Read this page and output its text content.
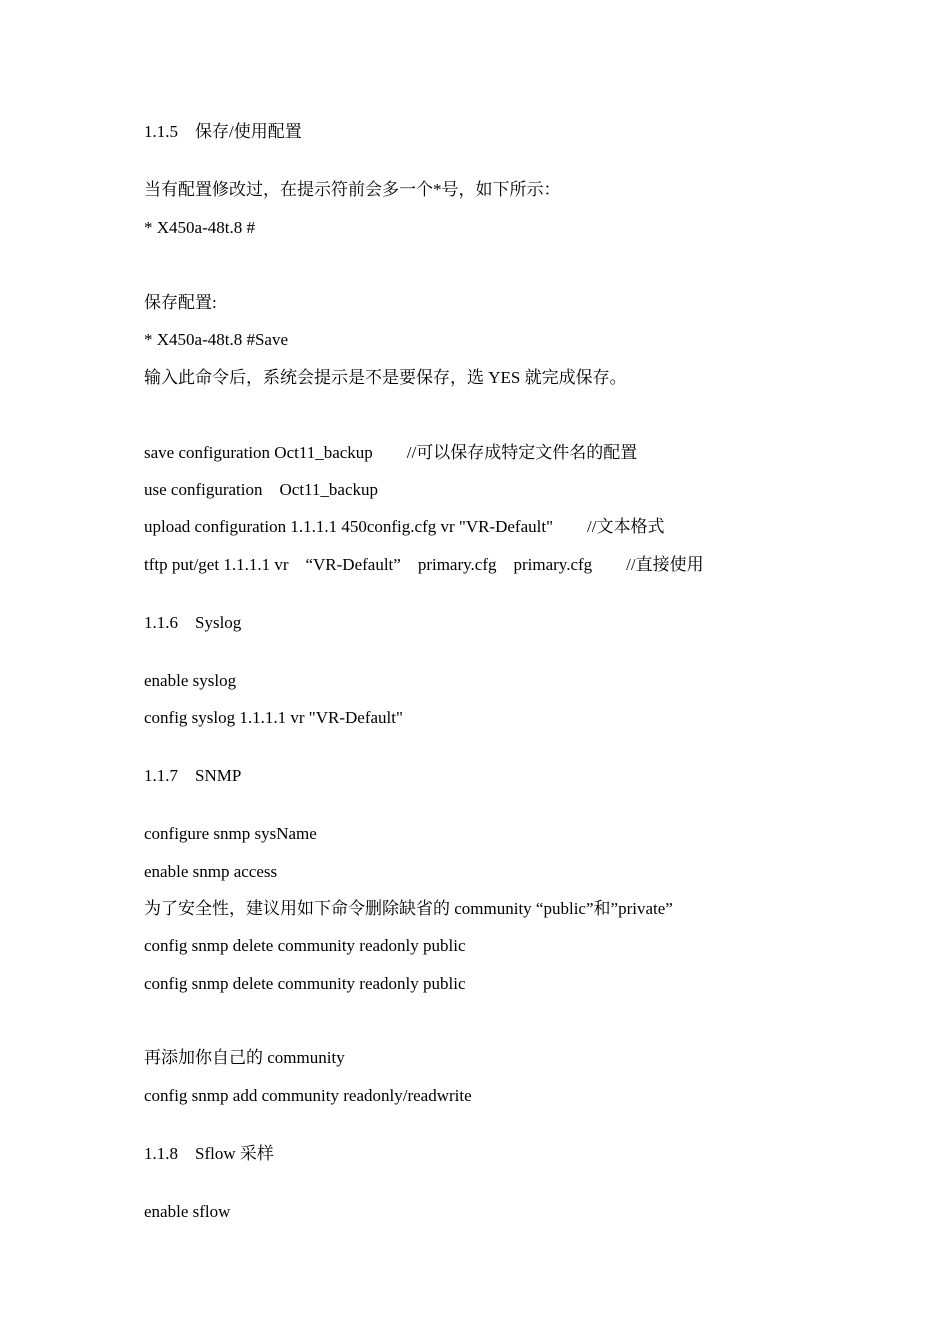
1.1.5　保存/使用配置
当有配置修改过，在提示符前会多一个*号，如下所示：
* X450a-48t.8 #
保存配置:
* X450a-48t.8 #Save
输入此命令后，系统会提示是不是要保存，选 YES 就完成保存。
save configuration Oct11_backup　　//可以保存成特定文件名的配置
use configuration　Oct11_backup
upload configuration 1.1.1.1 450config.cfg vr "VR-Default"　　//文本格式
tftp put/get 1.1.1.1 vr　“VR-Default”　primary.cfg　primary.cfg　　//直接使用
1.1.6　Syslog
enable syslog
config syslog 1.1.1.1 vr "VR-Default"
1.1.7　SNMP
configure snmp sysName
enable snmp access
为了安全性，建议用如下命令删除缺省的 community “public”和”private”
config snmp delete community readonly public
config snmp delete community readonly public
再添加你自己的 community
config snmp add community readonly/readwrite
1.1.8　Sflow 采样
enable sflow
